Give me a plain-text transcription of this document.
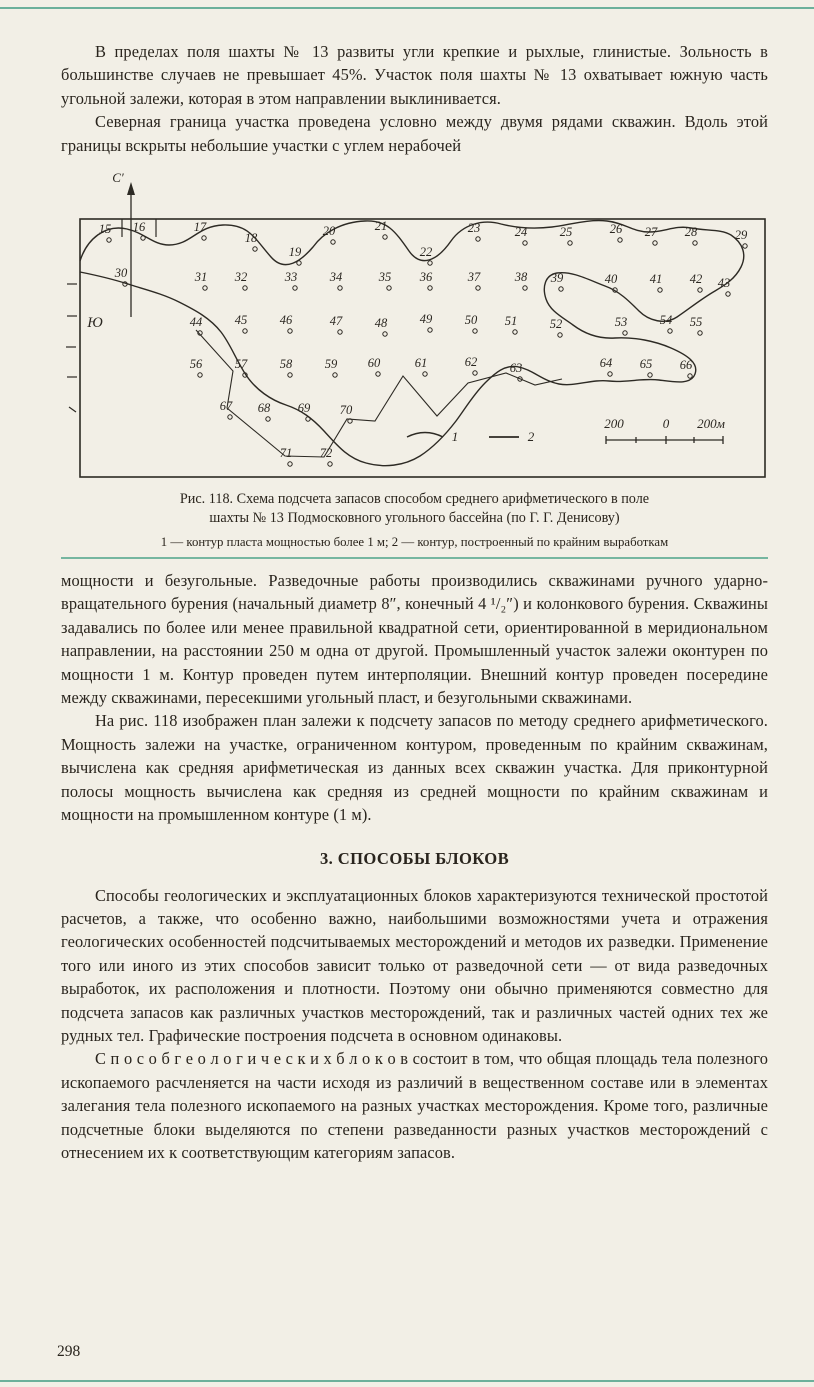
В пределах поля шахты № 13 развиты угли крепкие и рыхлые, глинистые. Зольность в большинстве случаев не превышает 45%. Участок поля шахты № 13 охватывает южную часть угольной залежи, которая в этом направлении выклинивается.

Северная граница участка проведена условно между двумя рядами скважин. Вдоль этой границы вскрыты небольшие участки с углем нерабочей

С′
Ю
15 16	17
18
19
20	21
22
23	24	25	26 27 28	29
30	31 32	33	34	35 36	37	38 39	40	41 42 43
44	45	46	47	48	49	50 51	52	53	54 55
56	57	58	59 60	61	62	63	64 65 66
67 68 69 70
71 72
200	0 200м
1	2
Рис. 118. Схема подсчета запасов способом среднего арифметического в поле
шахты № 13 Подмосковного угольного бассейна (по Г. Г. Денисову)
1 — контур пласта мощностью более 1 м; 2 — контур, построенный по крайним выработкам

мощности и безугольные. Разведочные работы производились скважинами ручного ударно-вращательного бурения (начальный диаметр 8″, конечный 4 ¹/₂″) и колонкового бурения. Скважины задавались по более или менее правильной квадратной сети, ориентированной в меридиональном направлении, на расстоянии 250 м одна от другой. Промышленный участок залежи оконтурен по мощности 1 м. Контур проведен путем интерполяции. Внешний контур проведен посередине между скважинами, пересекшими угольный пласт, и безугольными скважинами.

На рис. 118 изображен план залежи к подсчету запасов по методу среднего арифметического. Мощность залежи на участке, ограниченном контуром, проведенным по крайним скважинам, вычислена как средняя арифметическая из данных всех скважин участка. Для приконтурной полосы мощность вычислена как средняя из средней мощности по крайним скважинам и мощности на промышленном контуре (1 м).

3. СПОСОБЫ БЛОКОВ

Способы геологических и эксплуатационных блоков характеризуются технической простотой расчетов, а также, что особенно важно, наибольшими возможностями учета и отражения геологических особенностей подсчитываемых месторождений и методов их разведки. Применение того или иного из этих способов зависит только от разведочной сети — от вида разведочных выработок, их расположения и плотности. Поэтому они обычно применяются совместно для подсчета запасов как различных участков месторождений, так и различных частей одних тех же рудных тел. Графические построения подсчета в основном одинаковы.

С п о с о б г е о л о г и ч е с к и х б л о к о в состоит в том, что общая площадь тела полезного ископаемого расчленяется на части исходя из различий в вещественном составе или в элементах залегания тела полезного ископаемого на разных участках месторождения. Кроме того, различные подсчетные блоки выделяются по степени разведанности разных участков месторождений с отнесением их к соответствующим категориям запасов.

298
